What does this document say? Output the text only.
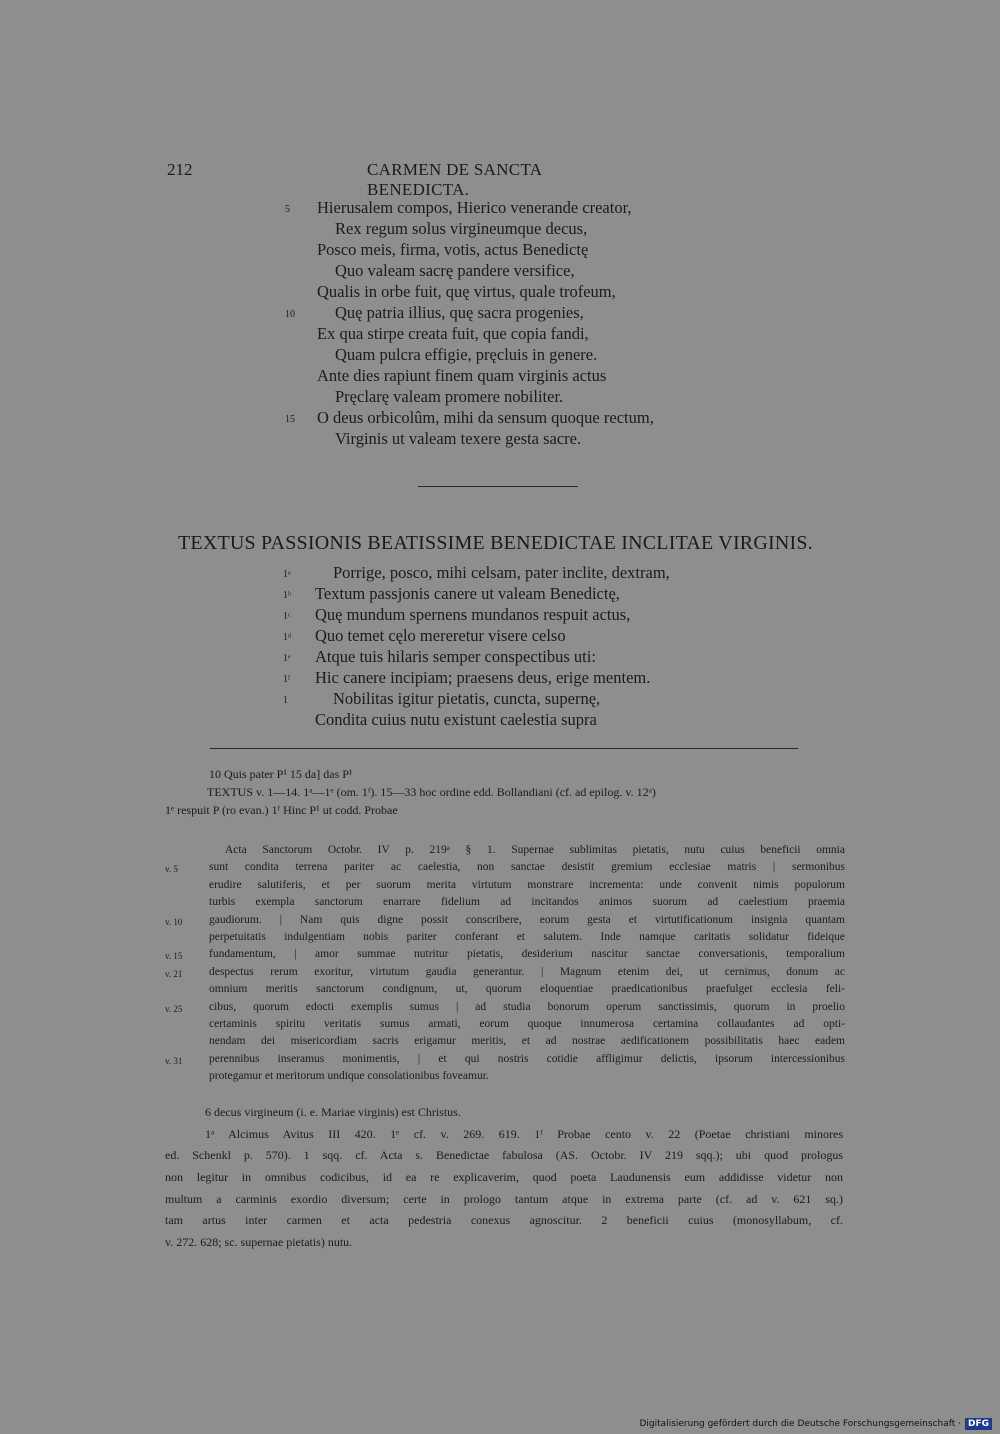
212	CARMEN DE SANCTA BENEDICTA.
5	Hierusalem compos, Hierico venerande creator,
Rex regum solus virgineumque decus,
Posco meis, firma, votis, actus Benedictę
Quo valeam sacrę pandere versifice,
Qualis in orbe fuit, quę virtus, quale trofeum,
10	Quę patria illius, quę sacra progenies,
Ex qua stirpe creata fuit, que copia fandi,
Quam pulcra effigie, pręcluis in genere.
Ante dies rapiunt finem quam virginis actus
Pręclarę valeam promere nobiliter.
15	O deus orbicolûm, mihi da sensum quoque rectum,
Virginis ut valeam texere gesta sacre.
TEXTUS PASSIONIS BEATISSIME BENEDICTAE INCLITAE VIRGINIS.
1ᵃ	Porrige, posco, mihi celsam, pater inclite, dextram,
1ᵇ	Textum passjonis canere ut valeam Benedictę,
1ᶜ	Quę mundum spernens mundanos respuit actus,
1ᵈ	Quo temet cęlo mereretur visere celso
1ᵉ	Atque tuis hilaris semper conspectibus uti:
1ᶠ	Hic canere incipiam; praesens deus, erige mentem.
1	Nobilitas igitur pietatis, cuncta, supernę,
Condita cuius nutu existunt caelestia supra
10 Quis pater P¹ 15 da] das P¹
TEXTUS v. 1—14. 1ᵃ—1ᵉ (om. 1ᶠ). 15—33 hoc ordine edd. Bollandiani (cf. ad epilog. v. 12ᵃ)
1ᵉ respuit P (ro evan.) 1ᶠ Hinc P¹ ut codd. Probae
Acta Sanctorum Octobr. IV p. 219ᵃ § 1. Supernae sublimitas pietatis, nutu cuius beneficii omnia
v. 5	sunt condita terrena pariter ac caelestia, non sanctae desistit gremium ecclesiae matris | sermonibus
erudire salutiferis, et per suorum merita virtutum monstrare incrementa: unde convenit nimis populorum
turbis exempla sanctorum enarrare fidelium ad incitandos animos suorum ad caelestium praemia
v. 10 gaudiorum. | Nam quis digne possit conscribere, eorum gesta et virtutificationum insignia quantam
perpetuitatis indulgentiam nobis pariter conferant et salutem. Inde namque caritatis solidatur fideique
v. 15 fundamentum, | amor summae nutritur pietatis, desiderium nascitur sanctae conversationis, temporalium
v. 21 despectus rerum exoritur, virtutum gaudia generantur. | Magnum etenim dei, ut cernimus, donum ac
omnium meritis sanctorum condignum, ut, quorum eloquentiae praedicationibus praefulget ecclesia feli-
v. 25 cibus, quorum edocti exemplis sumus | ad studia bonorum operum sanctissimis, quorum in proelio
certaminis spiritu veritatis sumus armati, eorum quoque innumerosa certamina collaudantes ad opti-
nendam dei misericordiam sacris erigamur meritis, et ad nostrae aedificationem possibilitatis haec eadem
v. 31 perennibus inseramus monimentis, | et qui nostris cotidie affligimur delictis, ipsorum intercessionibus
protegamur et meritorum undique consolationibus foveamur.
6 decus virgineum (i. e. Mariae virginis) est Christus.
1ᵃ Alcimus Avitus III 420. 1ᵉ cf. v. 269. 619. 1ᶠ Probae cento v. 22 (Poetae christiani minores
ed. Schenkl p. 570). 1 sqq. cf. Acta s. Benedictae fabulosa (AS. Octobr. IV 219 sqq.); ubi quod prologus
non legitur in omnibus codicibus, id ea re explicaverim, quod poeta Laudunensis eum addidisse videtur non
multum a carminis exordio diversum; certe in prologo tantum atque in extrema parte (cf. ad v. 621 sq.)
tam artus inter carmen et acta pedestria conexus agnoscitur. 2 beneficii cuius (monosyllabum, cf.
v. 272. 628; sc. supernae pietatis) nutu.
Digitalisierung gefördert durch die Deutsche Forschungsgemeinschaft · DFG
